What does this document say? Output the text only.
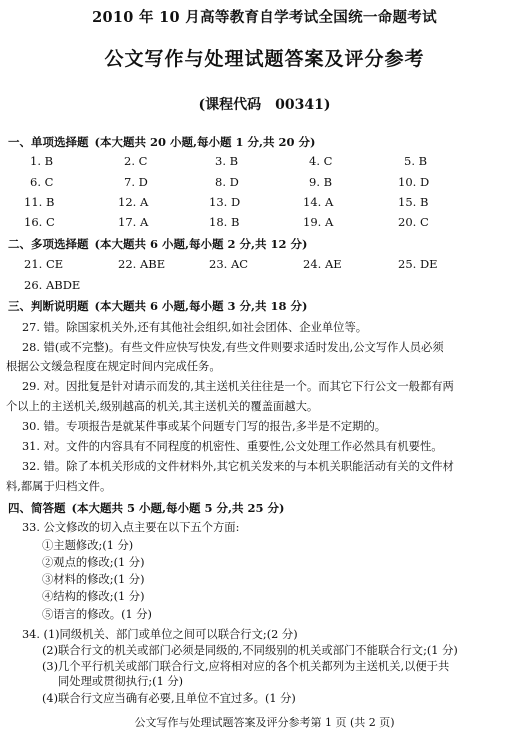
2010 年 10 月高等教育自学考试全国统一命题考试
公文写作与处理试题答案及评分参考
(课程代码 00341)
一、单项选择题 (本大题共 20 小题,每小题 1 分,共 20 分)
1. B	2. C	3. B	4. C	5. B
6. C	7. D	8. D	9. B	10. D
11. B	12. A	13. D	14. A	15. B
16. C	17. A	18. B	19. A	20. C
二、多项选择题 (本大题共 6 小题,每小题 2 分,共 12 分)
21. CE	22. ABE	23. AC	24. AE	25. DE
26. ABDE
三、判断说明题 (本大题共 6 小题,每小题 3 分,共 18 分)
27. 错。除国家机关外,还有其他社会组织,如社会团体、企业单位等。
28. 错(或不完整)。有些文件应快写快发,有些文件则要求适时发出,公文写作人员必须
根据公文缓急程度在规定时间内完成任务。
29. 对。因批复是针对请示而发的,其主送机关往往是一个。而其它下行公文一般都有两
个以上的主送机关,级别越高的机关,其主送机关的覆盖面越大。
30. 错。专项报告是就某件事或某个问题专门写的报告,多半是不定期的。
31. 对。文件的内容具有不同程度的机密性、重要性,公文处理工作必然具有机要性。
32. 错。除了本机关形成的文件材料外,其它机关发来的与本机关职能活动有关的文件材
料,都属于归档文件。
四、简答题 (本大题共 5 小题,每小题 5 分,共 25 分)
33. 公文修改的切入点主要在以下五个方面:
①主题修改;(1 分)
②观点的修改;(1 分)
③材料的修改;(1 分)
④结构的修改;(1 分)
⑤语言的修改。(1 分)
34. (1)同级机关、部门或单位之间可以联合行文;(2 分)
(2)联合行文的机关或部门必须是同级的,不同级别的机关或部门不能联合行文;(1 分)
(3)几个平行机关或部门联合行文,应将相对应的各个机关都列为主送机关,以便于共
同处理或贯彻执行;(1 分)
公文写作与处理试题答案及评分参考第 1 页 (共 2 页)
(4)联合行文应当确有必要,且单位不宜过多。(1 分)
